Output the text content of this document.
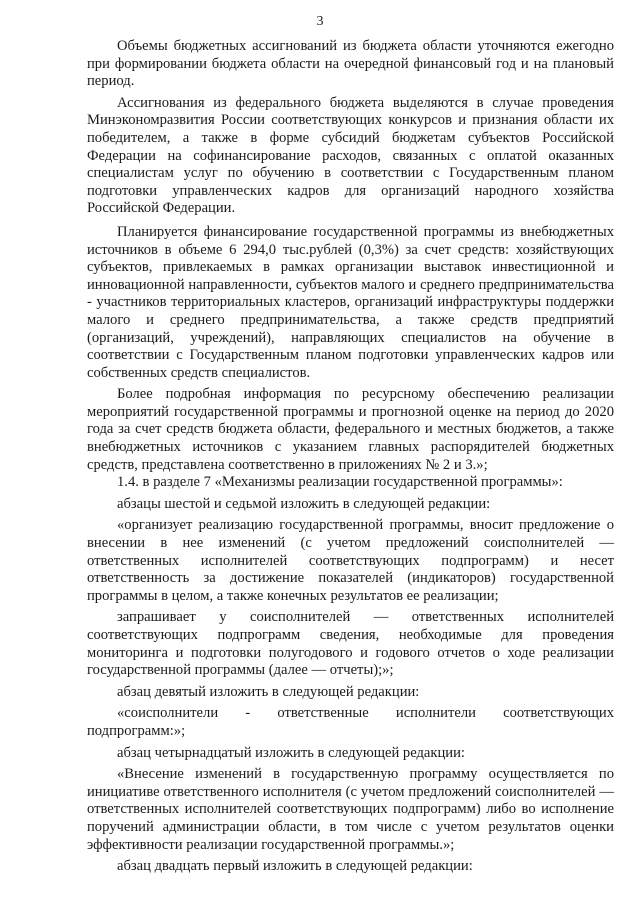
3

Объемы бюджетных ассигнований из бюджета области уточняются ежегодно при формировании бюджета области на очередной финансовый год и на плановый период.

Ассигнования из федерального бюджета выделяются в случае проведения Минэкономразвития России соответствующих конкурсов и признания области их победителем, а также в форме субсидий бюджетам субъектов Российской Федерации на софинансирование расходов, связанных с оплатой оказанных специалистам услуг по обучению в соответствии с Государственным планом подготовки управленческих кадров для организаций народного хозяйства Российской Федерации.

Планируется финансирование государственной программы из внебюджетных источников в объеме 6 294,0 тыс.рублей (0,3%) за счет средств: хозяйствующих субъектов, привлекаемых в рамках организации выставок инвестиционной и инновационной направленности, субъектов малого и среднего предпринимательства - участников территориальных кластеров, организаций инфраструктуры поддержки малого и среднего предпринимательства, а также средств предприятий (организаций, учреждений), направляющих специалистов на обучение в соответствии с Государственным планом подготовки управленческих кадров или собственных средств специалистов.

Более подробная информация по ресурсному обеспечению реализации мероприятий государственной программы и прогнозной оценке на период до 2020 года за счет средств бюджета области, федерального и местных бюджетов, а также внебюджетных источников с указанием главных распорядителей бюджетных средств, представлена соответственно в приложениях № 2 и 3.»;

1.4. в разделе 7 «Механизмы реализации государственной программы»:

абзацы шестой и седьмой изложить в следующей редакции:

«организует реализацию государственной программы, вносит предложение о внесении в нее изменений (с учетом предложений соисполнителей — ответственных исполнителей соответствующих подпрограмм) и несет ответственность за достижение показателей (индикаторов) государственной программы в целом, а также конечных результатов ее реализации;

запрашивает у соисполнителей — ответственных исполнителей соответствующих подпрограмм сведения, необходимые для проведения мониторинга и подготовки полугодового и годового отчетов о ходе реализации государственной программы (далее — отчеты);»;

абзац девятый изложить в следующей редакции:

«соисполнители - ответственные исполнители соответствующих подпрограмм:»;

абзац четырнадцатый изложить в следующей редакции:

«Внесение изменений в государственную программу осуществляется по инициативе ответственного исполнителя (с учетом предложений соисполнителей — ответственных исполнителей соответствующих подпрограмм) либо во исполнение поручений администрации области, в том числе с учетом результатов оценки эффективности реализации государственной программы.»;

абзац двадцать первый изложить в следующей редакции:
